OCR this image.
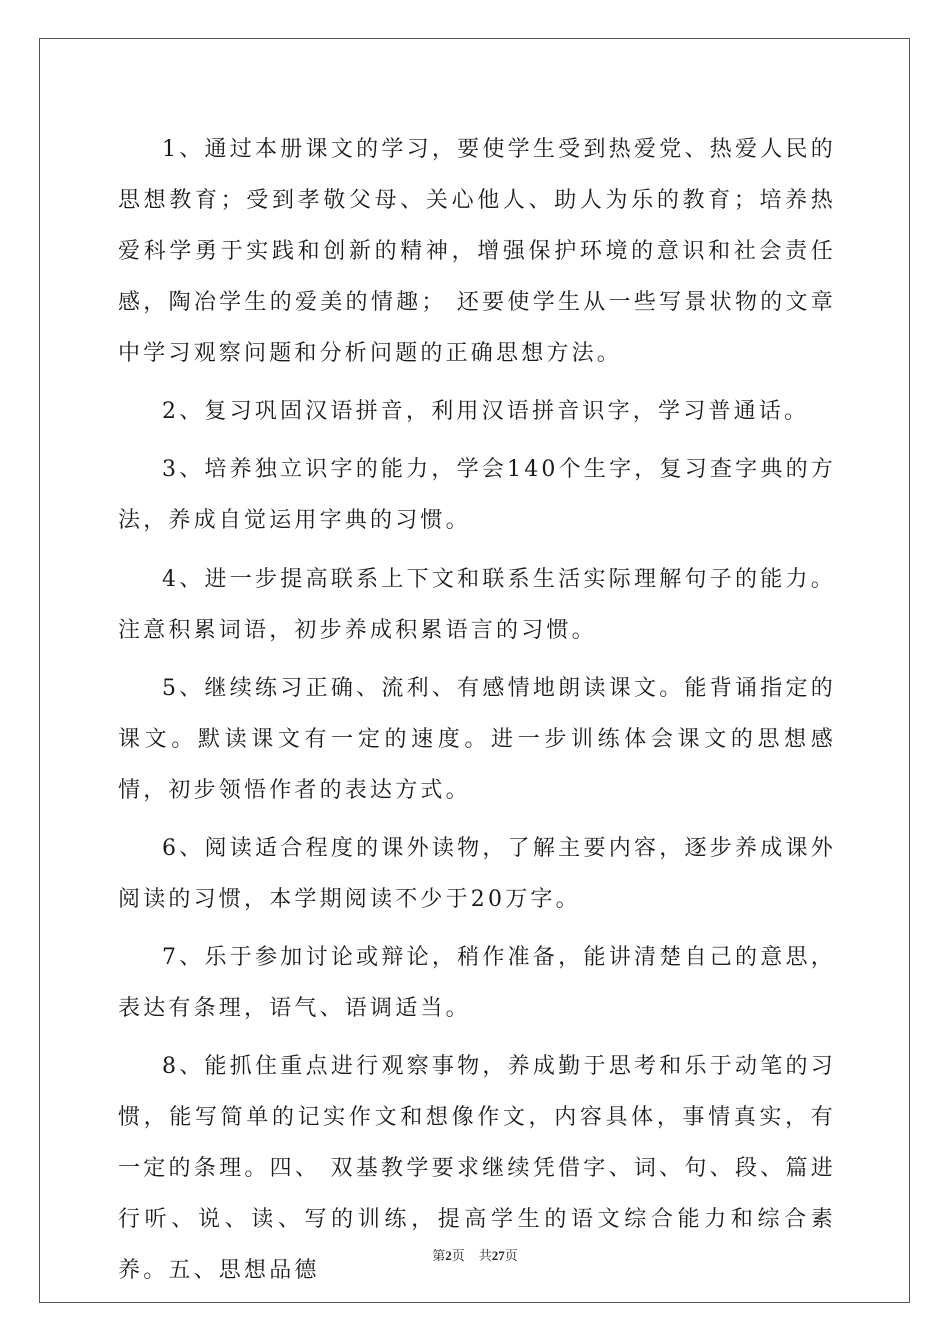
1、通过本册课文的学习，要使学生受到热爱党、热爱人民的思想教育；受到孝敬父母、关心他人、助人为乐的教育；培养热爱科学勇于实践和创新的精神，增强保护环境的意识和社会责任感，陶冶学生的爱美的情趣； 还要使学生从一些写景状物的文章中学习观察问题和分析问题的正确思想方法。

2、复习巩固汉语拼音，利用汉语拼音识字，学习普通话。

3、培养独立识字的能力，学会140个生字，复习查字典的方法，养成自觉运用字典的习惯。

4、进一步提高联系上下文和联系生活实际理解句子的能力。 注意积累词语，初步养成积累语言的习惯。

5、继续练习正确、流利、有感情地朗读课文。能背诵指定的课文。默读课文有一定的速度。进一步训练体会课文的思想感情，初步领悟作者的表达方式。

6、阅读适合程度的课外读物，了解主要内容，逐步养成课外阅读的习惯，本学期阅读不少于20万字。

7、乐于参加讨论或辩论，稍作准备，能讲清楚自己的意思，表达有条理，语气、语调适当。

8、能抓住重点进行观察事物，养成勤于思考和乐于动笔的习惯，能写简单的记实作文和想像作文，内容具体，事情真实，有一定的条理。四、 双基教学要求继续凭借字、词、句、段、篇进行听、说、读、写的训练，提高学生的语文综合能力和综合素养。五、思想品德

第2页 共27页
